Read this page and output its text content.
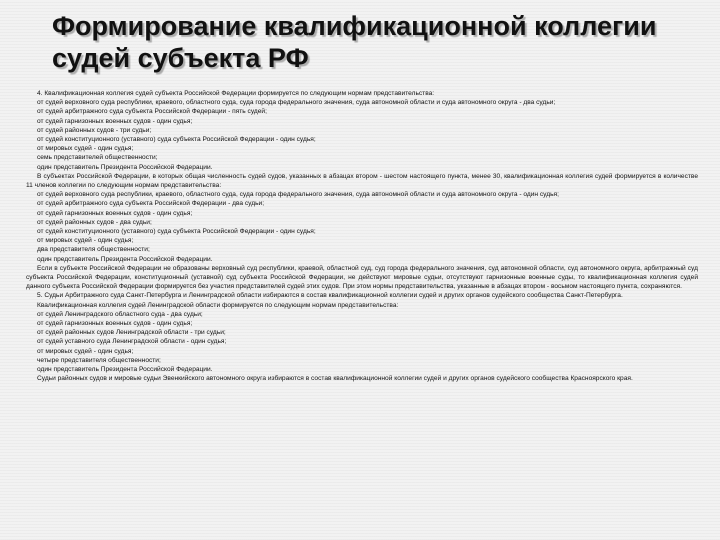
Формирование квалификационной коллегии
судей субъекта РФ

4. Квалификационная коллегия судей субъекта Российской Федерации формируется по следующим нормам представительства:

от судей верховного суда республики, краевого, областного суда, суда города федерального значения, суда автономной области и суда автономного округа - два судьи;

от судей арбитражного суда субъекта Российской Федерации - пять судей;

от судей гарнизонных военных судов - один судья;

от судей районных судов - три судьи;

от судей конституционного (уставного) суда субъекта Российской Федерации - один судья;

от мировых судей - один судья;

семь представителей общественности;

один представитель Президента Российской Федерации.

В субъектах Российской Федерации, в которых общая численность судей судов, указанных в абзацах втором - шестом настоящего пункта, менее 30, квалификационная коллегия судей формируется в количестве 11 членов коллегии по следующим нормам представительства:

от судей верховного суда республики, краевого, областного суда, суда города федерального значения, суда автономной области и суда автономного округа - один судья;

от судей арбитражного суда субъекта Российской Федерации - два судьи;

от судей гарнизонных военных судов - один судья;

от судей районных судов - два судьи;

от судей конституционного (уставного) суда субъекта Российской Федерации - один судья;

от мировых судей - один судья;

два представителя общественности;

один представитель Президента Российской Федерации.

Если в субъекте Российской Федерации не образованы верховный суд республики, краевой, областной суд, суд города федерального значения, суд автономной области, суд автономного округа, арбитражный суд субъекта Российской Федерации, конституционный (уставной) суд субъекта Российской Федерации, не действуют мировые судьи, отсутствуют гарнизонные военные суды, то квалификационная коллегия судей данного субъекта Российской Федерации формируется без участия представителей судей этих судов. При этом нормы представительства, указанные в абзацах втором - восьмом настоящего пункта, сохраняются.

5. Судьи Арбитражного суда Санкт-Петербурга и Ленинградской области избираются в состав квалификационной коллегии судей и других органов судейского сообщества Санкт-Петербурга.

Квалификационная коллегия судей Ленинградской области формируется по следующим нормам представительства:

от судей Ленинградского областного суда - два судьи;

от судей гарнизонных военных судов - один судья;

от судей районных судов Ленинградской области - три судьи;

от судей уставного суда Ленинградской области - один судья;

от мировых судей - один судья;

четыре представителя общественности;

один представитель Президента Российской Федерации.

Судьи районных судов и мировые судьи Эвенкийского автономного округа избираются в состав квалификационной коллегии судей и других органов судейского сообщества Красноярского края.
